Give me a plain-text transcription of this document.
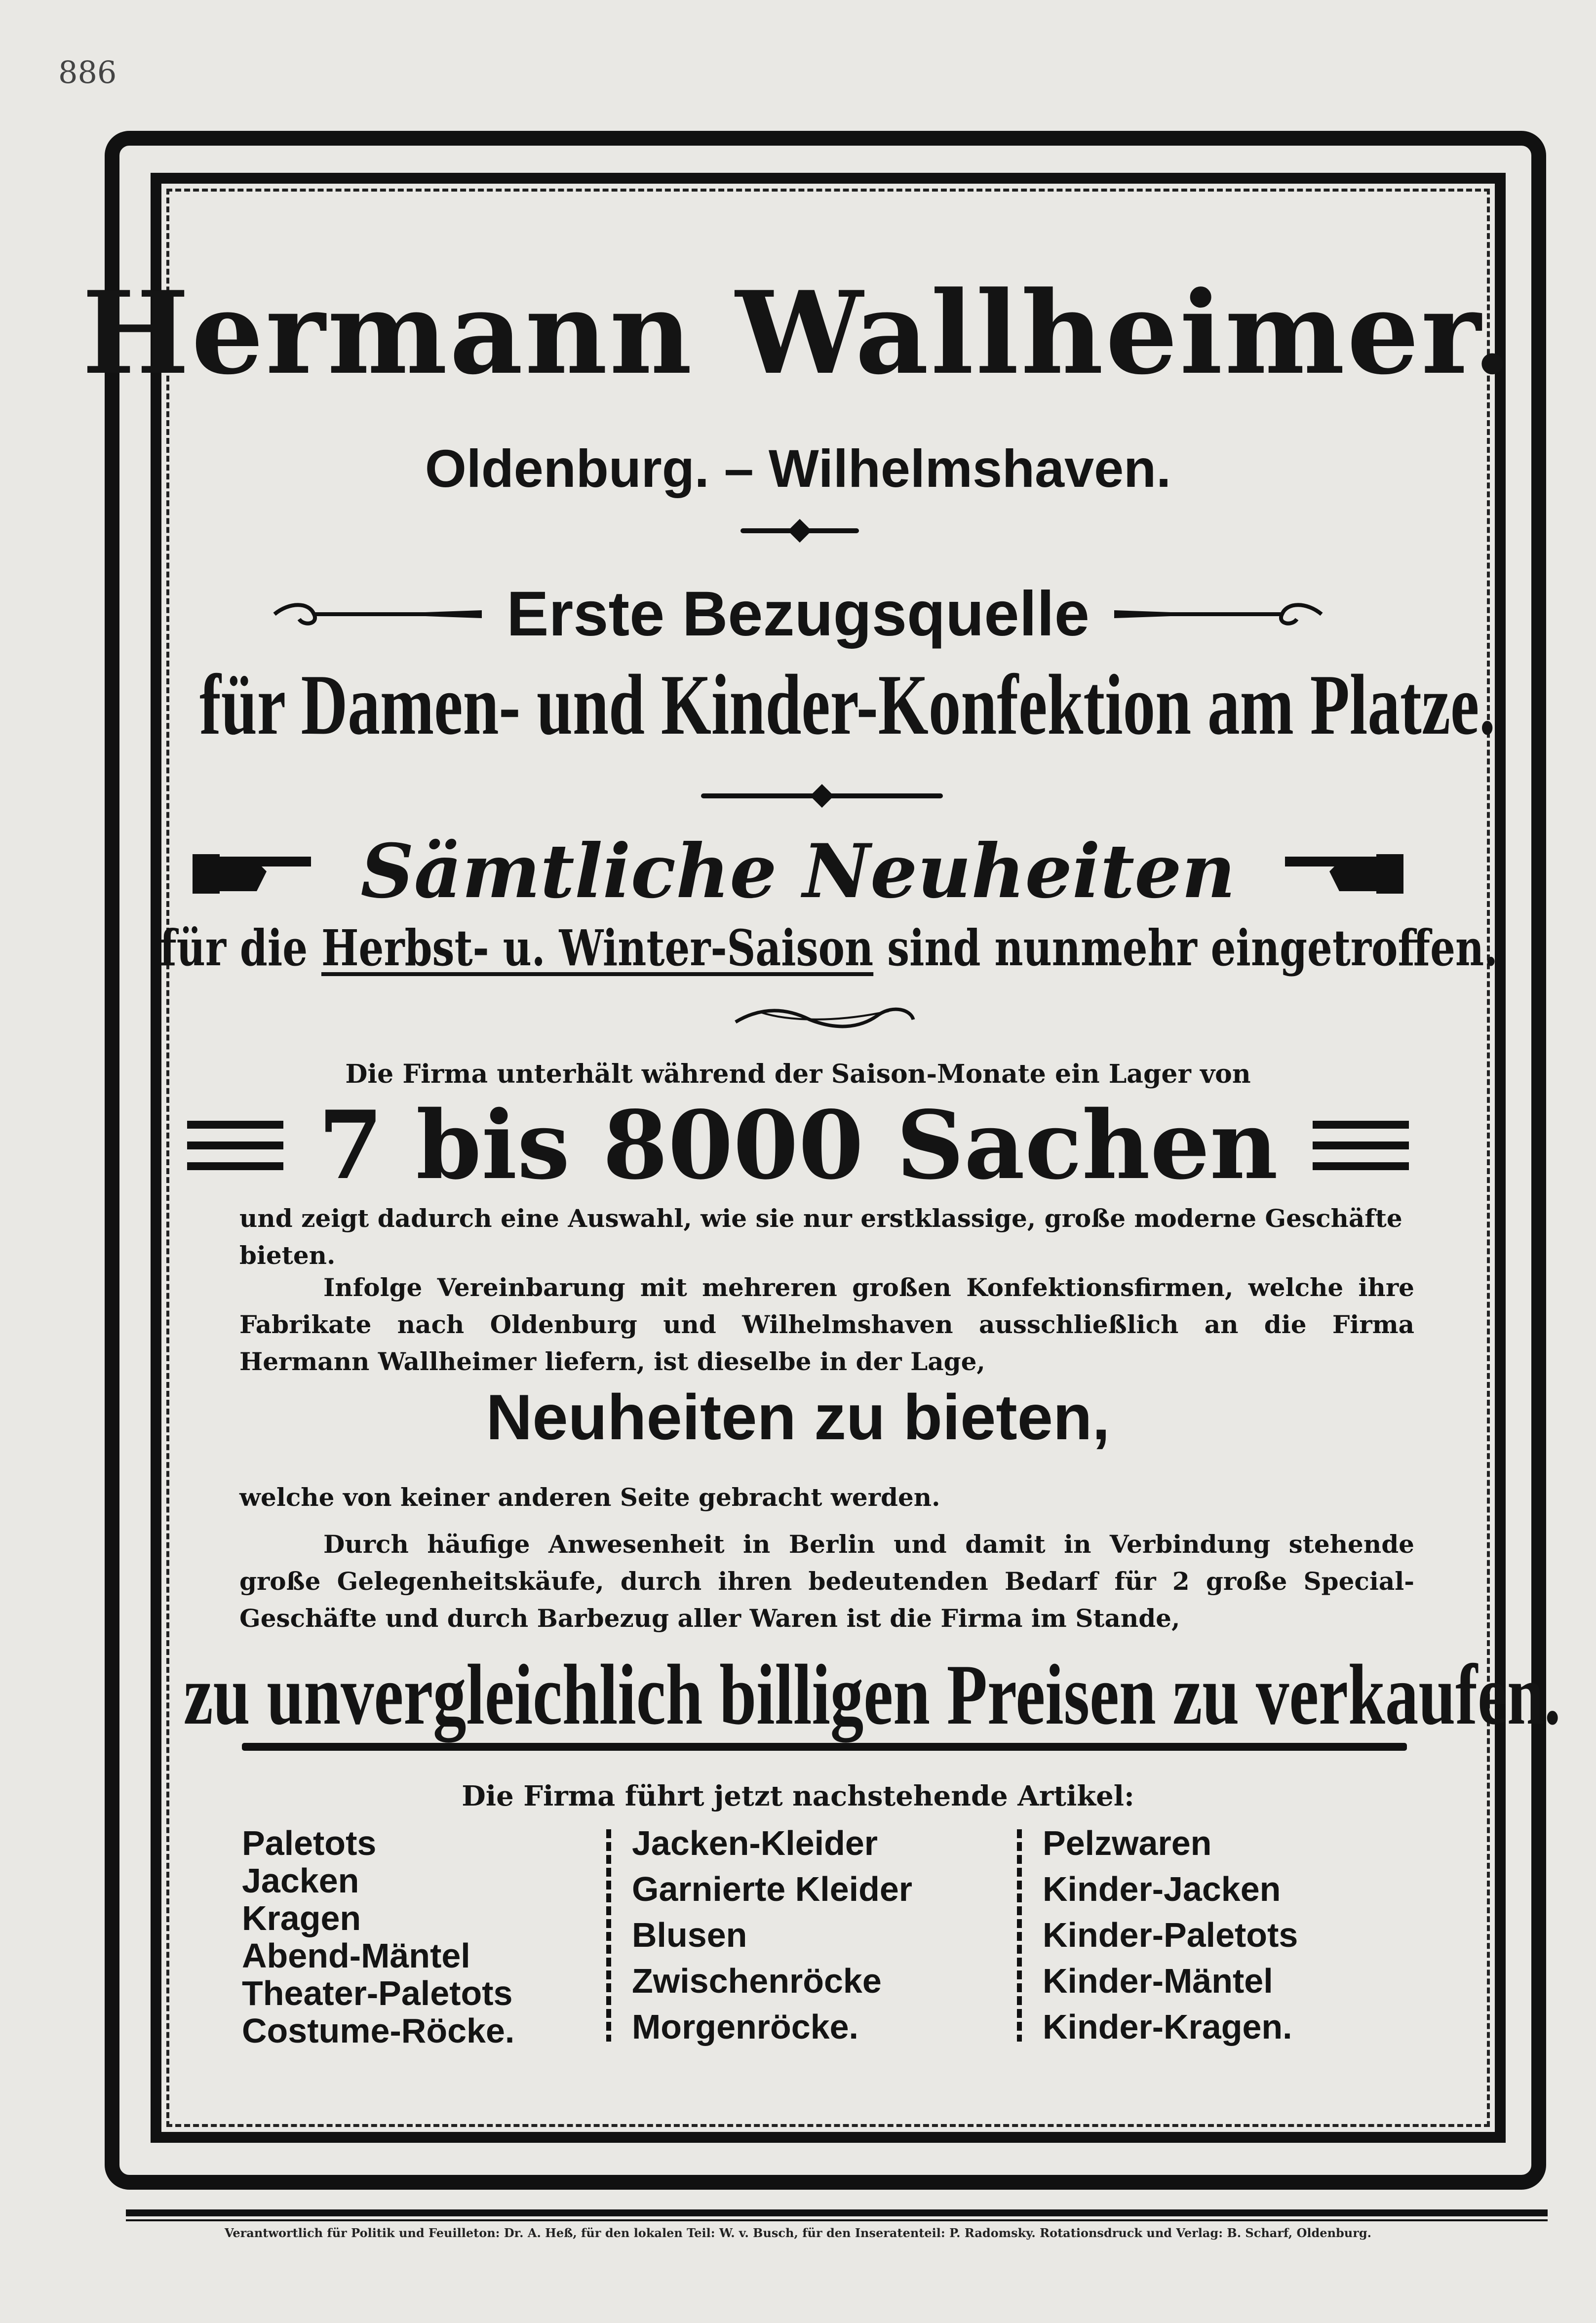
886
Hermann Wallheimer.
Oldenburg. – Wilhelmshaven.
Erste Bezugsquelle
für Damen- und Kinder-Konfektion am Platze.
Sämtliche Neuheiten
für die Herbst- u. Winter-Saison sind nunmehr eingetroffen.
Die Firma unterhält während der Saison-Monate ein Lager von
7 bis 8000 Sachen
und zeigt dadurch eine Auswahl, wie sie nur erstklassige, große moderne Geschäfte bieten.
Infolge Vereinbarung mit mehreren großen Konfektionsfirmen, welche ihre Fabrikate nach Oldenburg und Wilhelmshaven ausschließlich an die Firma Hermann Wallheimer liefern, ist dieselbe in der Lage,
Neuheiten zu bieten,
welche von keiner anderen Seite gebracht werden.
Durch häufige Anwesenheit in Berlin und damit in Verbindung stehende große Gelegenheitskäufe, durch ihren bedeutenden Bedarf für 2 große Special-Geschäfte und durch Barbezug aller Waren ist die Firma im Stande,
zu unvergleichlich billigen Preisen zu verkaufen.
Die Firma führt jetzt nachstehende Artikel:
Paletots
Jacken
Kragen
Abend-Mäntel
Theater-Paletots
Costume-Röcke.
Jacken-Kleider
Garnierte Kleider
Blusen
Zwischenröcke
Morgenröcke.
Pelzwaren
Kinder-Jacken
Kinder-Paletots
Kinder-Mäntel
Kinder-Kragen.
Verantwortlich für Politik und Feuilleton: Dr. A. Heß, für den lokalen Teil: W. v. Busch, für den Inseratenteil: P. Radomsky. Rotationsdruck und Verlag: B. Scharf, Oldenburg.
